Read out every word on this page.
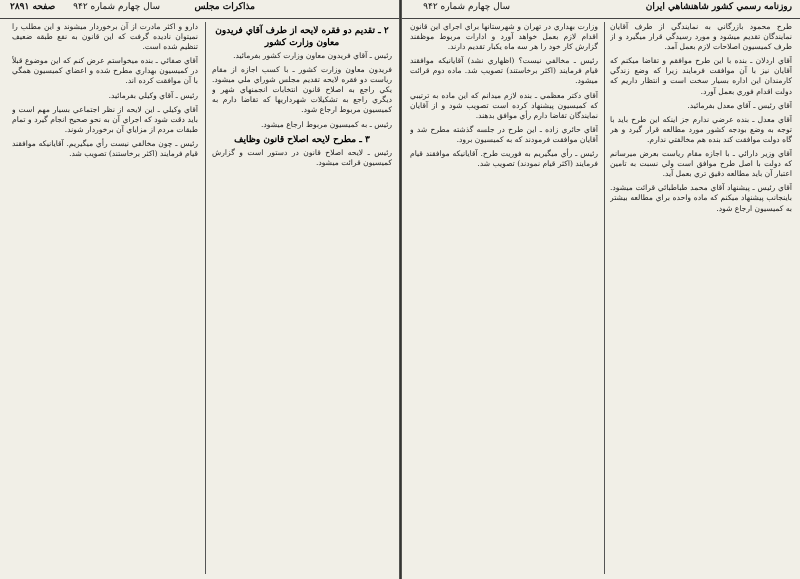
ﺭﻭﺯﻧﺎﻣﻪ ﺭﺳﻤﻲ ﻛﺸﻮﺭ ﺷﺎﻫﻨﺸﺎﻫﻲ ﺍﻳﺮﺍﻥ
ﺳﺎﻝ ﭼﻬﺎﺭﻡ ﺷﻤﺎﺭﻩ ۹۴۲
ﻣﺬﺍﻛﺮﺍﺕ ﻣﺠﻠﺲ
ﺳﺎﻝ ﭼﻬﺎﺭﻡ ﺷﻤﺎﺭﻩ ۹۴۲
ﺻﻔﺤﻪ ۲۸۹۱

ﻃﺮﺡ ﻣﺤﻤﻮﺩ ﺑﺎﺯﺭﮔﺎﻧﻲ ﺑﻪ ﻧﻤﺎﻳﻨﺪﮔﻲ ﺍﺯ ﻃﺮﻑ ﺁﻗﺎﻳﺎﻥ ﻧﻤﺎﻳﻨﺪﮔﺎﻥ ﺗﻘﺪﻳﻢ ﻣﻴﺸﻮﺩ ﻭ ﻣﻮﺭﺩ ﺭﺳﻴﺪﮔﻲ ﻗﺮﺍﺭ ﻣﻴﮕﻴﺮﺩ ﻭ ﺍﺯ ﻃﺮﻑ ﻛﻤﻴﺴﻴﻮﻥ ﺍﺻﻼﺣﺎﺕ ﻻﺯﻡ ﺑﻌﻤﻞ ﺁﻣﺪ.

ﺁﻗﺎﻱ ﺍﺭﺩﻻﻥ ـ ﺑﻨﺪﻩ ﺑﺎ ﺍﻳﻦ ﻃﺮﺡ ﻣﻮﺍﻓﻘﻢ ﻭ ﺗﻘﺎﺿﺎ ﻣﻴﻜﻨﻢ ﻛﻪ ﺁﻗﺎﻳﺎﻥ ﻧﻴﺰ ﺑﺎ ﺁﻥ ﻣﻮﺍﻓﻘﺖ ﻓﺮﻣﺎﻳﻨﺪ ﺯﻳﺮﺍ ﻛﻪ ﻭﺿﻊ ﺯﻧﺪﮔﻲ ﻛﺎﺭﻣﻨﺪﺍﻥ ﺍﻳﻦ ﺍﺩﺍﺭﻩ ﺑﺴﻴﺎﺭ ﺳﺨﺖ ﺍﺳﺖ ﻭ ﺍﻧﺘﻈﺎﺭ ﺩﺍﺭﻳﻢ ﻛﻪ ﺩﻭﻟﺖ ﺍﻗﺪﺍﻡ ﻓﻮﺭﻱ ﺑﻌﻤﻞ ﺁﻭﺭﺩ.

ﺁﻗﺎﻱ ﺭﺋﻴﺲ ـ ﺁﻗﺎﻱ ﻣﻌﺪﻝ ﺑﻔﺮﻣﺎﺋﻴﺪ.

ﺁﻗﺎﻱ ﻣﻌﺪﻝ ـ ﺑﻨﺪﻩ ﻋﺮﺿﻲ ﻧﺪﺍﺭﻡ ﺟﺰ ﺍﻳﻨﻜﻪ ﺍﻳﻦ ﻃﺮﺡ ﺑﺎﻳﺪ ﺑﺎ ﺗﻮﺟﻪ ﺑﻪ ﻭﺿﻊ ﺑﻮﺩﺟﻪ ﻛﺸﻮﺭ ﻣﻮﺭﺩ ﻣﻄﺎﻟﻌﻪ ﻗﺮﺍﺭ ﮔﻴﺮﺩ ﻭ ﻫﺮ ﮔﺎﻩ ﺩﻭﻟﺖ ﻣﻮﺍﻓﻘﺖ ﻛﻨﺪ ﺑﻨﺪﻩ ﻫﻢ ﻣﺨﺎﻟﻔﺘﻲ ﻧﺪﺍﺭﻡ.

ﺁﻗﺎﻱ ﻭﺯﻳﺮ ﺩﺍﺭﺍﺋﻲ ـ ﺑﺎ ﺍﺟﺎﺯﻩ ﻣﻘﺎﻡ ﺭﻳﺎﺳﺖ ﺑﻌﺮﺽ ﻣﻴﺮﺳﺎﻧﻢ ﻛﻪ ﺩﻭﻟﺖ ﺑﺎ ﺍﺻﻞ ﻃﺮﺡ ﻣﻮﺍﻓﻖ ﺍﺳﺖ ﻭﻟﻲ ﻧﺴﺒﺖ ﺑﻪ ﺗﺎﻣﻴﻦ ﺍﻋﺘﺒﺎﺭ ﺁﻥ ﺑﺎﻳﺪ ﻣﻄﺎﻟﻌﻪ ﺩﻗﻴﻖ ﺗﺮﻱ ﺑﻌﻤﻞ ﺁﻳﺪ.

ﺁﻗﺎﻱ ﺭﺋﻴﺲ ـ ﭘﻴﺸﻨﻬﺎﺩ ﺁﻗﺎﻱ ﻣﺤﻤﺪ ﻃﺒﺎﻃﺒﺎﺋﻲ ﻗﺮﺍﺋﺖ ﻣﻴﺸﻮﺩ. ﺑﺎﻳﻨﺠﺎﻧﺐ ﭘﻴﺸﻨﻬﺎﺩ ﻣﻴﻜﻨﻢ ﻛﻪ ﻣﺎﺩﻩ ﻭﺍﺣﺪﻩ ﺑﺮﺍﻱ ﻣﻄﺎﻟﻌﻪ ﺑﻴﺸﺘﺮ ﺑﻪ ﻛﻤﻴﺴﻴﻮﻥ ﺍﺭﺟﺎﻉ ﺷﻮﺩ.

ﻭﺯﺍﺭﺕ ﺑﻬﺪﺍﺭﻱ ﺩﺭ ﺗﻬﺮﺍﻥ ﻭ ﺷﻬﺮﺳﺘﺎﻧﻬﺎ ﺑﺮﺍﻱ ﺍﺟﺮﺍﻱ ﺍﻳﻦ ﻗﺎﻧﻮﻥ ﺍﻗﺪﺍﻡ ﻻﺯﻡ ﺑﻌﻤﻞ ﺧﻮﺍﻫﺪ ﺁﻭﺭﺩ ﻭ ﺍﺩﺍﺭﺍﺕ ﻣﺮﺑﻮﻁ ﻣﻮﻇﻔﻨﺪ ﮔﺰﺍﺭﺵ ﻛﺎﺭ ﺧﻮﺩ ﺭﺍ ﻫﺮ ﺳﻪ ﻣﺎﻩ ﻳﻜﺒﺎﺭ ﺗﻘﺪﻳﻢ ﺩﺍﺭﻧﺪ.

ﺭﺋﻴﺲ ـ ﻣﺨﺎﻟﻔﻲ ﻧﻴﺴﺖ؟ (ﺍﻇﻬﺎﺭﻱ ﻧﺸﺪ) ﺁﻗﺎﻳﺎﻧﻴﻜﻪ ﻣﻮﺍﻓﻘﻨﺪ ﻗﻴﺎﻡ ﻓﺮﻣﺎﻳﻨﺪ (ﺍﻛﺜﺮ ﺑﺮﺧﺎﺳﺘﻨﺪ) ﺗﺼﻮﻳﺐ ﺷﺪ. ﻣﺎﺩﻩ ﺩﻭﻡ ﻗﺮﺍﺋﺖ ﻣﻴﺸﻮﺩ.

ﺁﻗﺎﻱ ﺩﻛﺘﺮ ﻣﻌﻈﻤﻲ ـ ﺑﻨﺪﻩ ﻻﺯﻡ ﻣﻴﺪﺍﻧﻢ ﻛﻪ ﺍﻳﻦ ﻣﺎﺩﻩ ﺑﻪ ﺗﺮﺗﻴﺒﻲ ﻛﻪ ﻛﻤﻴﺴﻴﻮﻥ ﭘﻴﺸﻨﻬﺎﺩ ﻛﺮﺩﻩ ﺍﺳﺖ ﺗﺼﻮﻳﺐ ﺷﻮﺩ ﻭ ﺍﺯ ﺁﻗﺎﻳﺎﻥ ﻧﻤﺎﻳﻨﺪﮔﺎﻥ ﺗﻘﺎﺿﺎ ﺩﺍﺭﻡ ﺭﺃﻱ ﻣﻮﺍﻓﻖ ﺑﺪﻫﻨﺪ.

ﺁﻗﺎﻱ ﺣﺎﺋﺮﻱ ﺯﺍﺩﻩ ـ ﺍﻳﻦ ﻃﺮﺡ ﺩﺭ ﺟﻠﺴﻪ ﮔﺬﺷﺘﻪ ﻣﻄﺮﺡ ﺷﺪ ﻭ ﺁﻗﺎﻳﺎﻥ ﻣﻮﺍﻓﻘﺖ ﻓﺮﻣﻮﺩﻧﺪ ﻛﻪ ﺑﻪ ﻛﻤﻴﺴﻴﻮﻥ ﺑﺮﻭﺩ.

ﺭﺋﻴﺲ ـ ﺭﺃﻱ ﻣﻴﮕﻴﺮﻳﻢ ﺑﻪ ﻓﻮﺭﻳﺖ ﻃﺮﺡ. ﺁﻗﺎﻳﺎﻧﻴﻜﻪ ﻣﻮﺍﻓﻘﻨﺪ ﻗﻴﺎﻡ ﻓﺮﻣﺎﻳﻨﺪ (ﺍﻛﺜﺮ ﻗﻴﺎﻡ ﻧﻤﻮﺩﻧﺪ) ﺗﺼﻮﻳﺐ ﺷﺪ.

۲ ـ ﺗﻘﺪﻳﻢ ﺩﻭ ﻓﻘﺮﻩ ﻻﻳﺤﻪ ﺍﺯ ﻃﺮﻑ ﺁﻗﺎﻱ ﻓﺮﻳﺪﻭﻥ ﻣﻌﺎﻭﻥ ﻭﺯﺍﺭﺕ ﻛﺸﻮﺭ

ﺭﺋﻴﺲ ـ ﺁﻗﺎﻱ ﻓﺮﻳﺪﻭﻥ ﻣﻌﺎﻭﻥ ﻭﺯﺍﺭﺕ ﻛﺸﻮﺭ ﺑﻔﺮﻣﺎﺋﻴﺪ.

ﻓﺮﻳﺪﻭﻥ ﻣﻌﺎﻭﻥ ﻭﺯﺍﺭﺕ ﻛﺸﻮﺭ ـ ﺑﺎ ﻛﺴﺐ ﺍﺟﺎﺯﻩ ﺍﺯ ﻣﻘﺎﻡ ﺭﻳﺎﺳﺖ ﺩﻭ ﻓﻘﺮﻩ ﻻﻳﺤﻪ ﺗﻘﺪﻳﻢ ﻣﺠﻠﺲ ﺷﻮﺭﺍﻱ ﻣﻠﻲ ﻣﻴﺸﻮﺩ. ﻳﻜﻲ ﺭﺍﺟﻊ ﺑﻪ ﺍﺻﻼﺡ ﻗﺎﻧﻮﻥ ﺍﻧﺘﺨﺎﺑﺎﺕ ﺍﻧﺠﻤﻨﻬﺎﻱ ﺷﻬﺮ ﻭ ﺩﻳﮕﺮﻱ ﺭﺍﺟﻊ ﺑﻪ ﺗﺸﻜﻴﻼﺕ ﺷﻬﺮﺩﺍﺭﻳﻬﺎ ﻛﻪ ﺗﻘﺎﺿﺎ ﺩﺍﺭﻡ ﺑﻪ ﻛﻤﻴﺴﻴﻮﻥ ﻣﺮﺑﻮﻁ ﺍﺭﺟﺎﻉ ﺷﻮﺩ.

ﺭﺋﻴﺲ ـ ﺑﻪ ﻛﻤﻴﺴﻴﻮﻥ ﻣﺮﺑﻮﻁ ﺍﺭﺟﺎﻉ ﻣﻴﺸﻮﺩ.

۳ ـ ﻣﻄﺮﺡ ﻻﻳﺤﻪ ﺍﺻﻼﺡ ﻗﺎﻧﻮﻥ ﻭﻇﺎﻳﻒ

ﺭﺋﻴﺲ ـ ﻻﻳﺤﻪ ﺍﺻﻼﺡ ﻗﺎﻧﻮﻥ ﺩﺭ ﺩﺳﺘﻮﺭ ﺍﺳﺖ ﻭ ﮔﺰﺍﺭﺵ ﻛﻤﻴﺴﻴﻮﻥ ﻗﺮﺍﺋﺖ ﻣﻴﺸﻮﺩ.

ﺩﺍﺭﻭ ﻭ ﺍﻛﺜﺮ ﻣﺎﺩﺭﺕ ﺍﺯ ﺁﻥ ﺑﺮﺧﻮﺭﺩﺍﺭ ﻣﻴﺸﻮﻧﺪ ﻭ ﺍﻳﻦ ﻣﻄﻠﺐ ﺭﺍ ﻧﻤﻴﺘﻮﺍﻥ ﻧﺎﺩﻳﺪﻩ ﮔﺮﻓﺖ ﻛﻪ ﺍﻳﻦ ﻗﺎﻧﻮﻥ ﺑﻪ ﻧﻔﻊ ﻃﺒﻘﻪ ﺿﻌﻴﻒ ﺗﻨﻈﻴﻢ ﺷﺪﻩ ﺍﺳﺖ.

ﺁﻗﺎﻱ ﺻﻔﺎﺋﻲ ـ ﺑﻨﺪﻩ ﻣﻴﺨﻮﺍﺳﺘﻢ ﻋﺮﺽ ﻛﻨﻢ ﻛﻪ ﺍﻳﻦ ﻣﻮﺿﻮﻉ ﻗﺒﻼً ﺩﺭ ﻛﻤﻴﺴﻴﻮﻥ ﺑﻬﺪﺍﺭﻱ ﻣﻄﺮﺡ ﺷﺪﻩ ﻭ ﺍﻋﻀﺎﻱ ﻛﻤﻴﺴﻴﻮﻥ ﻫﻤﮕﻲ ﺑﺎ ﺁﻥ ﻣﻮﺍﻓﻘﺖ ﻛﺮﺩﻩ ﺍﻧﺪ.

ﺭﺋﻴﺲ ـ ﺁﻗﺎﻱ ﻭﻛﻴﻠﻲ ﺑﻔﺮﻣﺎﺋﻴﺪ.

ﺁﻗﺎﻱ ﻭﻛﻴﻠﻲ ـ ﺍﻳﻦ ﻻﻳﺤﻪ ﺍﺯ ﻧﻈﺮ ﺍﺟﺘﻤﺎﻋﻲ ﺑﺴﻴﺎﺭ ﻣﻬﻢ ﺍﺳﺖ ﻭ ﺑﺎﻳﺪ ﺩﻗﺖ ﺷﻮﺩ ﻛﻪ ﺍﺟﺮﺍﻱ ﺁﻥ ﺑﻪ ﻧﺤﻮ ﺻﺤﻴﺢ ﺍﻧﺠﺎﻡ ﮔﻴﺮﺩ ﻭ ﺗﻤﺎﻡ ﻃﺒﻘﺎﺕ ﻣﺮﺩﻡ ﺍﺯ ﻣﺰﺍﻳﺎﻱ ﺁﻥ ﺑﺮﺧﻮﺭﺩﺍﺭ ﺷﻮﻧﺪ.

ﺭﺋﻴﺲ ـ ﭼﻮﻥ ﻣﺨﺎﻟﻔﻲ ﻧﻴﺴﺖ ﺭﺃﻱ ﻣﻴﮕﻴﺮﻳﻢ. ﺁﻗﺎﻳﺎﻧﻴﻜﻪ ﻣﻮﺍﻓﻘﻨﺪ ﻗﻴﺎﻡ ﻓﺮﻣﺎﻳﻨﺪ (ﺍﻛﺜﺮ ﺑﺮﺧﺎﺳﺘﻨﺪ) ﺗﺼﻮﻳﺐ ﺷﺪ.
